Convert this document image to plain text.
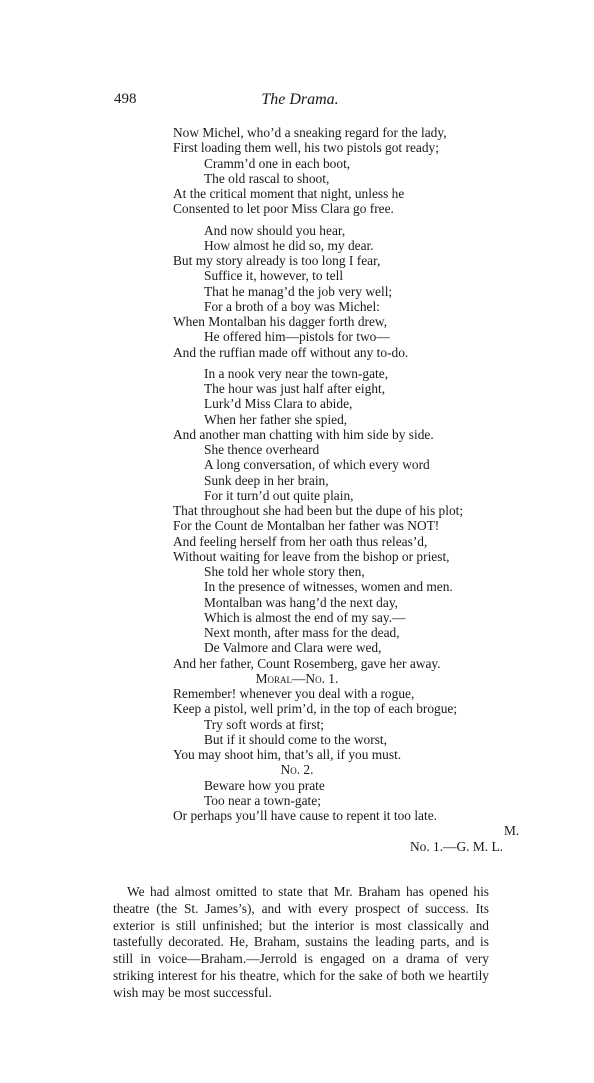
498	The Drama.
Now Michel, who’d a sneaking regard for the lady,
First loading them well, his two pistols got ready;
Cramm’d one in each boot,
The old rascal to shoot,
At the critical moment that night, unless he
Consented to let poor Miss Clara go free.
And now should you hear,
How almost he did so, my dear.
But my story already is too long I fear,
Suffice it, however, to tell
That he manag’d the job very well;
For a broth of a boy was Michel:
When Montalban his dagger forth drew,
He offered him—pistols for two—
And the ruffian made off without any to-do.
In a nook very near the town-gate,
The hour was just half after eight,
Lurk’d Miss Clara to abide,
When her father she spied,
And another man chatting with him side by side.
She thence overheard
A long conversation, of which every word
Sunk deep in her brain,
For it turn’d out quite plain,
That throughout she had been but the dupe of his plot;
For the Count de Montalban her father was NOT!
And feeling herself from her oath thus releas’d,
Without waiting for leave from the bishop or priest,
She told her whole story then,
In the presence of witnesses, women and men.
Montalban was hang’d the next day,
Which is almost the end of my say.—
Next month, after mass for the dead,
De Valmore and Clara were wed,
And her father, Count Rosemberg, gave her away.
Moral—No. 1.
Remember! whenever you deal with a rogue,
Keep a pistol, well prim’d, in the top of each brogue;
Try soft words at first;
But if it should come to the worst,
You may shoot him, that’s all, if you must.
No. 2.
Beware how you prate
Too near a town-gate;
Or perhaps you’ll have cause to repent it too late.
M.
No. 1.—G. M. L.

We had almost omitted to state that Mr. Braham has opened his theatre (the St. James’s), and with every prospect of success. Its exterior is still unfinished; but the interior is most classically and tastefully decorated. He, Braham, sustains the leading parts, and is still in voice—Braham.—Jerrold is engaged on a drama of very striking interest for his theatre, which for the sake of both we heartily wish may be most successful.
